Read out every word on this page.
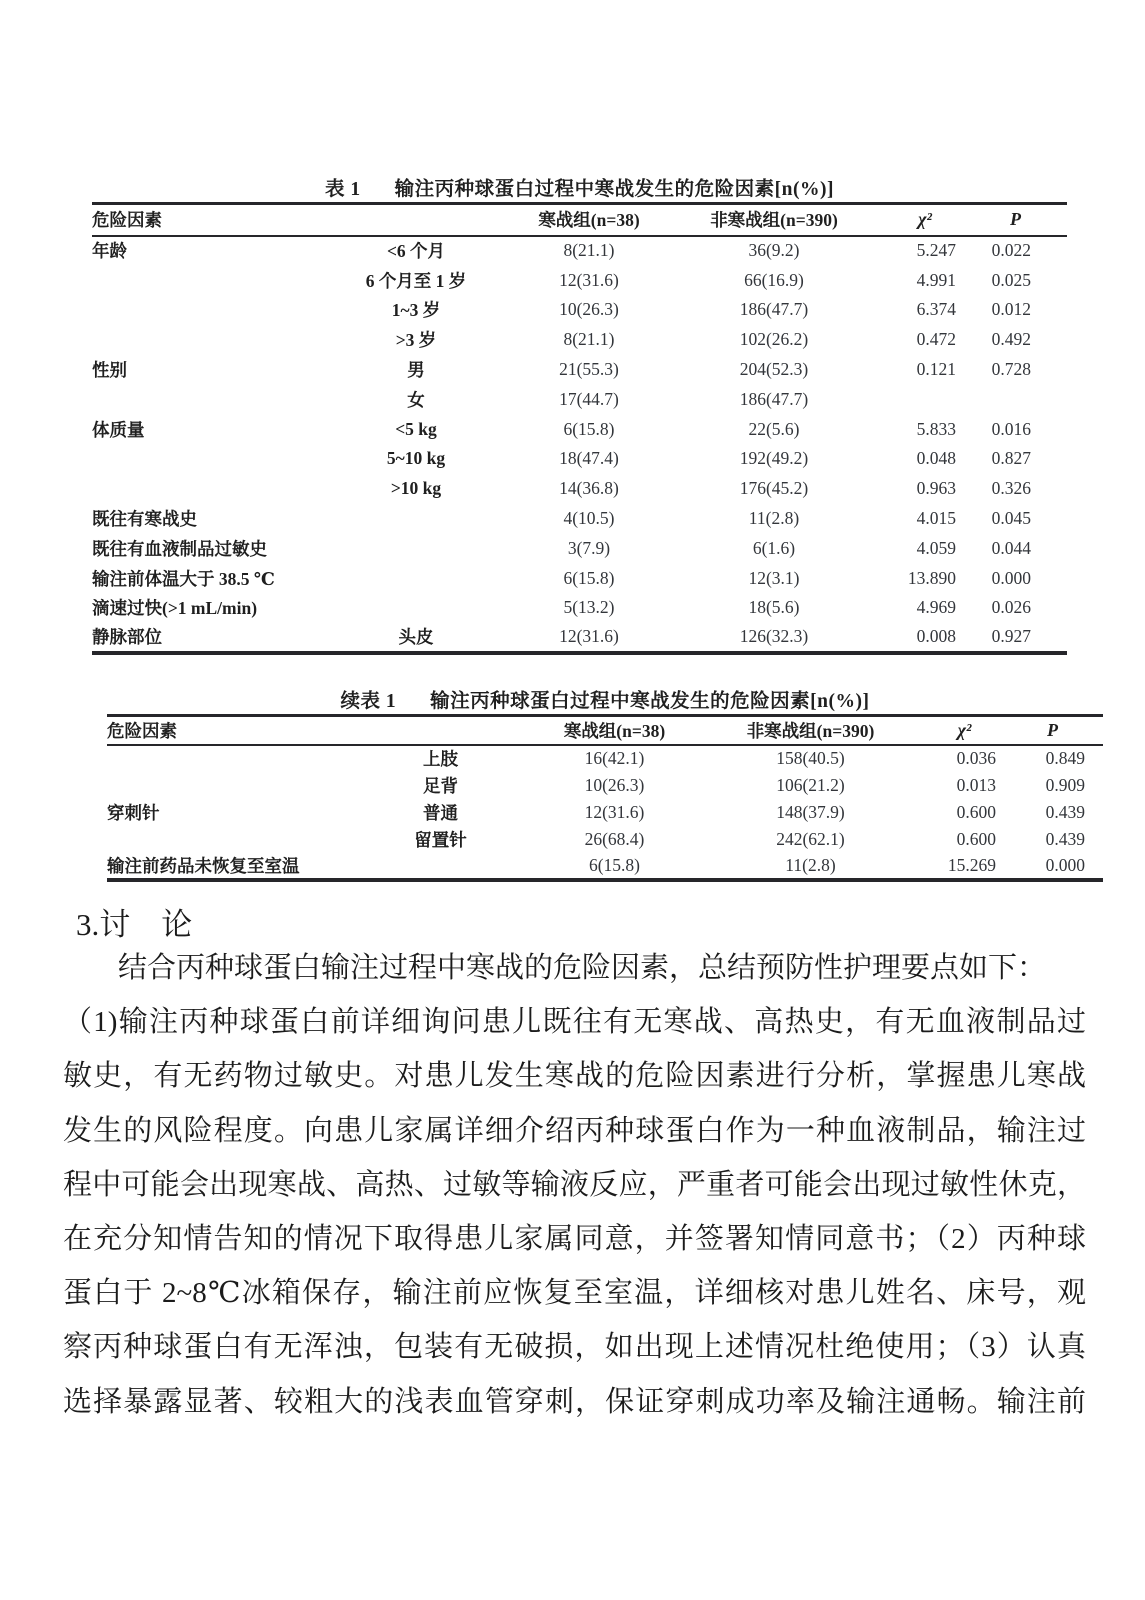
表 1 输注丙种球蛋白过程中寒战发生的危险因素[n(%)]
危险因素		寒战组(n=38)	非寒战组(n=390)	χ²	P
年龄	<6 个月	8(21.1)	36(9.2)	5.247	0.022
	6 个月至 1 岁	12(31.6)	66(16.9)	4.991	0.025
	1~3 岁	10(26.3)	186(47.7)	6.374	0.012
	>3 岁	8(21.1)	102(26.2)	0.472	0.492
性别	男	21(55.3)	204(52.3)	0.121	0.728
	女	17(44.7)	186(47.7)		
体质量	<5 kg	6(15.8)	22(5.6)	5.833	0.016
	5~10 kg	18(47.4)	192(49.2)	0.048	0.827
	>10 kg	14(36.8)	176(45.2)	0.963	0.326
既往有寒战史		4(10.5)	11(2.8)	4.015	0.045
既往有血液制品过敏史		3(7.9)	6(1.6)	4.059	0.044
输注前体温大于 38.5 ℃		6(15.8)	12(3.1)	13.890	0.000
滴速过快(>1 mL/min)		5(13.2)	18(5.6)	4.969	0.026
静脉部位	头皮	12(31.6)	126(32.3)	0.008	0.927
续表 1 输注丙种球蛋白过程中寒战发生的危险因素[n(%)]
危险因素		寒战组(n=38)	非寒战组(n=390)	χ²	P
	上肢	16(42.1)	158(40.5)	0.036	0.849
	足背	10(26.3)	106(21.2)	0.013	0.909
穿刺针	普通	12(31.6)	148(37.9)	0.600	0.439
	留置针	26(68.4)	242(62.1)	0.600	0.439
输注前药品未恢复至室温		6(15.8)	11(2.8)	15.269	0.000
3.讨　论
结合丙种球蛋白输注过程中寒战的危险因素，总结预防性护理要点如下：
（1)输注丙种球蛋白前详细询问患儿既往有无寒战、高热史，有无血液制品过
敏史，有无药物过敏史。对患儿发生寒战的危险因素进行分析，掌握患儿寒战
发生的风险程度。向患儿家属详细介绍丙种球蛋白作为一种血液制品，输注过
程中可能会出现寒战、高热、过敏等输液反应，严重者可能会出现过敏性休克，
在充分知情告知的情况下取得患儿家属同意，并签署知情同意书；（2）丙种球
蛋白于 2~8℃冰箱保存，输注前应恢复至室温，详细核对患儿姓名、床号，观
察丙种球蛋白有无浑浊，包装有无破损，如出现上述情况杜绝使用；（3）认真
选择暴露显著、较粗大的浅表血管穿刺，保证穿刺成功率及输注通畅。输注前
